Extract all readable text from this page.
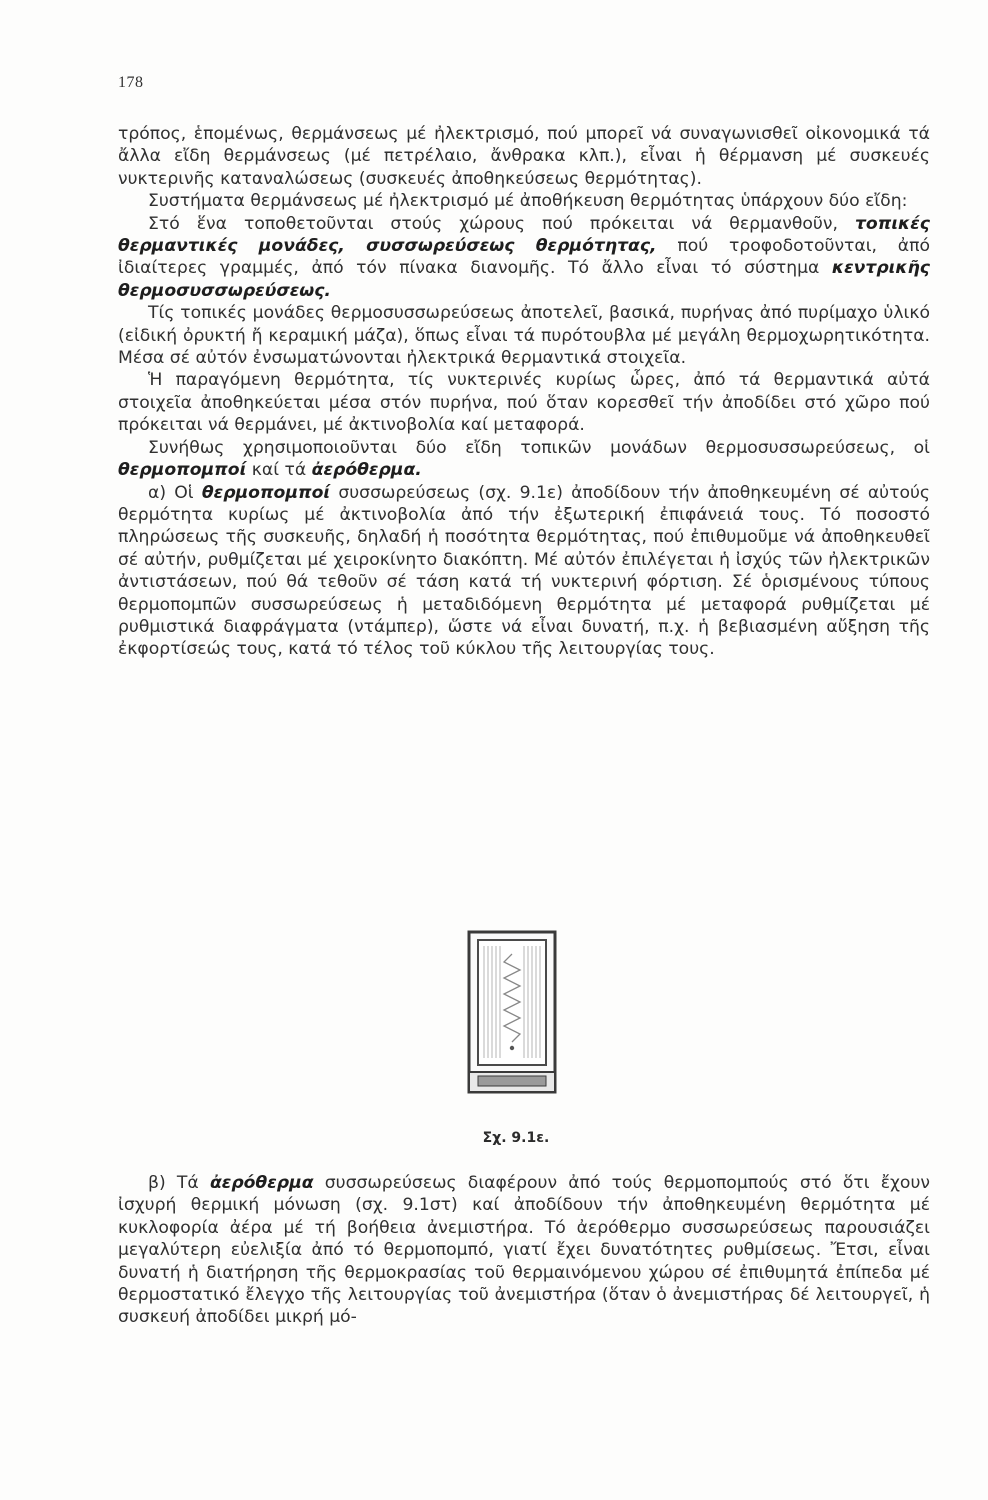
178

τρόπος, ἑπομένως, θερμάνσεως μέ ἠλεκτρισμό, πού μπορεῖ νά συναγωνισθεῖ οἰκονομικά τά ἄλλα εἴδη θερμάνσεως (μέ πετρέλαιο, ἄνθρακα κλπ.), εἶναι ἡ θέρμανση μέ συσκευές νυκτερινῆς καταναλώσεως (συσκευές ἀποθηκεύσεως θερμότητας).

Συστήματα θερμάνσεως μέ ἠλεκτρισμό μέ ἀποθήκευση θερμότητας ὑπάρχουν δύο εἴδη:

Στό ἕνα τοποθετοῦνται στούς χώρους πού πρόκειται νά θερμανθοῦν, τοπικές θερμαντικές μονάδες, συσσωρεύσεως θερμότητας, πού τροφοδοτοῦνται, ἀπό ἰδιαίτερες γραμμές, ἀπό τόν πίνακα διανομῆς. Τό ἄλλο εἶναι τό σύστημα κεντρικῆς θερμοσυσσωρεύσεως.

Τίς τοπικές μονάδες θερμοσυσσωρεύσεως ἀποτελεῖ, βασικά, πυρήνας ἀπό πυρίμαχο ὑλικό (εἰδική ὀρυκτή ἤ κεραμική μάζα), ὅπως εἶναι τά πυρότουβλα μέ μεγάλη θερμοχωρητικότητα. Μέσα σέ αὐτόν ἐνσωματώνονται ἠλεκτρικά θερμαντικά στοιχεῖα.

Ἡ παραγόμενη θερμότητα, τίς νυκτερινές κυρίως ὧρες, ἀπό τά θερμαντικά αὐτά στοιχεῖα ἀποθηκεύεται μέσα στόν πυρήνα, πού ὅταν κορεσθεῖ τήν ἀποδίδει στό χῶρο πού πρόκειται νά θερμάνει, μέ ἀκτινοβολία καί μεταφορά.

Συνήθως χρησιμοποιοῦνται δύο εἴδη τοπικῶν μονάδων θερμοσυσσωρεύσεως, οἱ θερμοπομποί καί τά ἀερόθερμα.

α) Οἱ θερμοπομποί συσσωρεύσεως (σχ. 9.1ε) ἀποδίδουν τήν ἀποθηκευμένη σέ αὐτούς θερμότητα κυρίως μέ ἀκτινοβολία ἀπό τήν ἐξωτερική ἐπιφάνειά τους. Τό ποσοστό πληρώσεως τῆς συσκευῆς, δηλαδή ἡ ποσότητα θερμότητας, πού ἐπιθυμοῦμε νά ἀποθηκευθεῖ σέ αὐτήν, ρυθμίζεται μέ χειροκίνητο διακόπτη. Μέ αὐτόν ἐπιλέγεται ἡ ἰσχύς τῶν ἠλεκτρικῶν ἀντιστάσεων, πού θά τεθοῦν σέ τάση κατά τή νυκτερινή φόρτιση. Σέ ὁρισμένους τύπους θερμοπομπῶν συσσωρεύσεως ἡ μεταδιδόμενη θερμότητα μέ μεταφορά ρυθμίζεται μέ ρυθμιστικά διαφράγματα (ντάμπερ), ὥστε νά εἶναι δυνατή, π.χ. ἡ βεβιασμένη αὔξηση τῆς ἐκφορτίσεώς τους, κατά τό τέλος τοῦ κύκλου τῆς λειτουργίας τους.

Σχ. 9.1ε.

β) Τά ἀερόθερμα συσσωρεύσεως διαφέρουν ἀπό τούς θερμοπομπούς στό ὅτι ἔχουν ἰσχυρή θερμική μόνωση (σχ. 9.1στ) καί ἀποδίδουν τήν ἀποθηκευμένη θερμότητα μέ κυκλοφορία ἀέρα μέ τή βοήθεια ἀνεμιστήρα. Τό ἀερόθερμο συσσωρεύσεως παρουσιάζει μεγαλύτερη εὐελιξία ἀπό τό θερμοπομπό, γιατί ἔχει δυνατότητες ρυθμίσεως. Ἔτσι, εἶναι δυνατή ἡ διατήρηση τῆς θερμοκρασίας τοῦ θερμαινόμενου χώρου σέ ἐπιθυμητά ἐπίπεδα μέ θερμοστατικό ἔλεγχο τῆς λειτουργίας τοῦ ἀνεμιστήρα (ὅταν ὁ ἀνεμιστήρας δέ λειτουργεῖ, ἡ συσκευή ἀποδίδει μικρή μό-
